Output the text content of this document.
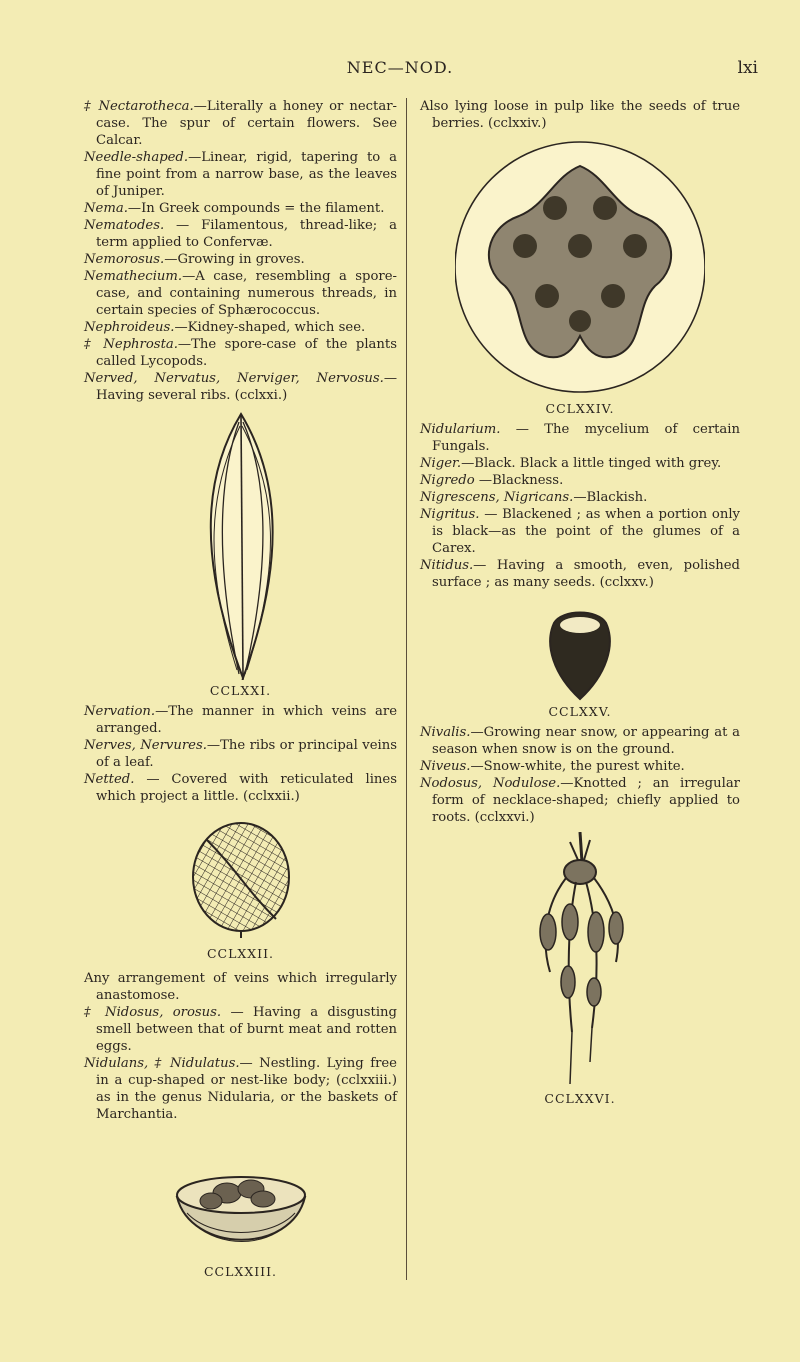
NEC—NOD.	lxi

‡ Nectarotheca.—Literally a honey or nectar-case. The spur of certain flowers. See Calcar.

Needle-shaped.—Linear, rigid, tapering to a fine point from a narrow base, as the leaves of Juniper.

Nema.—In Greek compounds = the filament.

Nematodes. — Filamentous, thread-like; a term applied to Confervæ.

Nemorosus.—Growing in groves.

Nemathecium.—A case, resembling a spore-case, and containing numerous threads, in certain species of Sphærococcus.

Nephroideus.—Kidney-shaped, which see.

‡ Nephrosta.—The spore-case of the plants called Lycopods.

Nerved, Nervatus, Nerviger, Nervosus.—Having several ribs. (cclxxi.)

CCLXXI.

Nervation.—The manner in which veins are arranged.

Nerves, Nervures.—The ribs or principal veins of a leaf.

Netted. — Covered with reticulated lines which project a little. (cclxxii.)

CCLXXII.

Any arrangement of veins which irregularly anastomose.

‡ Nidosus, orosus. — Having a disgusting smell between that of burnt meat and rotten eggs.

Nidulans, ‡ Nidulatus.— Nestling. Lying free in a cup-shaped or nest-like body; (cclxxiii.) as in the genus Nidularia, or the baskets of Marchantia.

CCLXXIII.

Also lying loose in pulp like the seeds of true berries. (cclxxiv.)

CCLXXIV.

Nidularium. — The mycelium of certain Fungals.

Niger.—Black. Black a little tinged with grey.

Nigredo —Blackness.

Nigrescens, Nigricans.—Blackish.

Nigritus. — Blackened ; as when a portion only is black—as the point of the glumes of a Carex.

Nitidus.— Having a smooth, even, polished surface ; as many seeds. (cclxxv.)

CCLXXV.

Nivalis.—Growing near snow, or appearing at a season when snow is on the ground.

Niveus.—Snow-white, the purest white.

Nodosus, Nodulose.—Knotted ; an irregular form of necklace-shaped; chiefly applied to roots. (cclxxvi.)

CCLXXVI.
